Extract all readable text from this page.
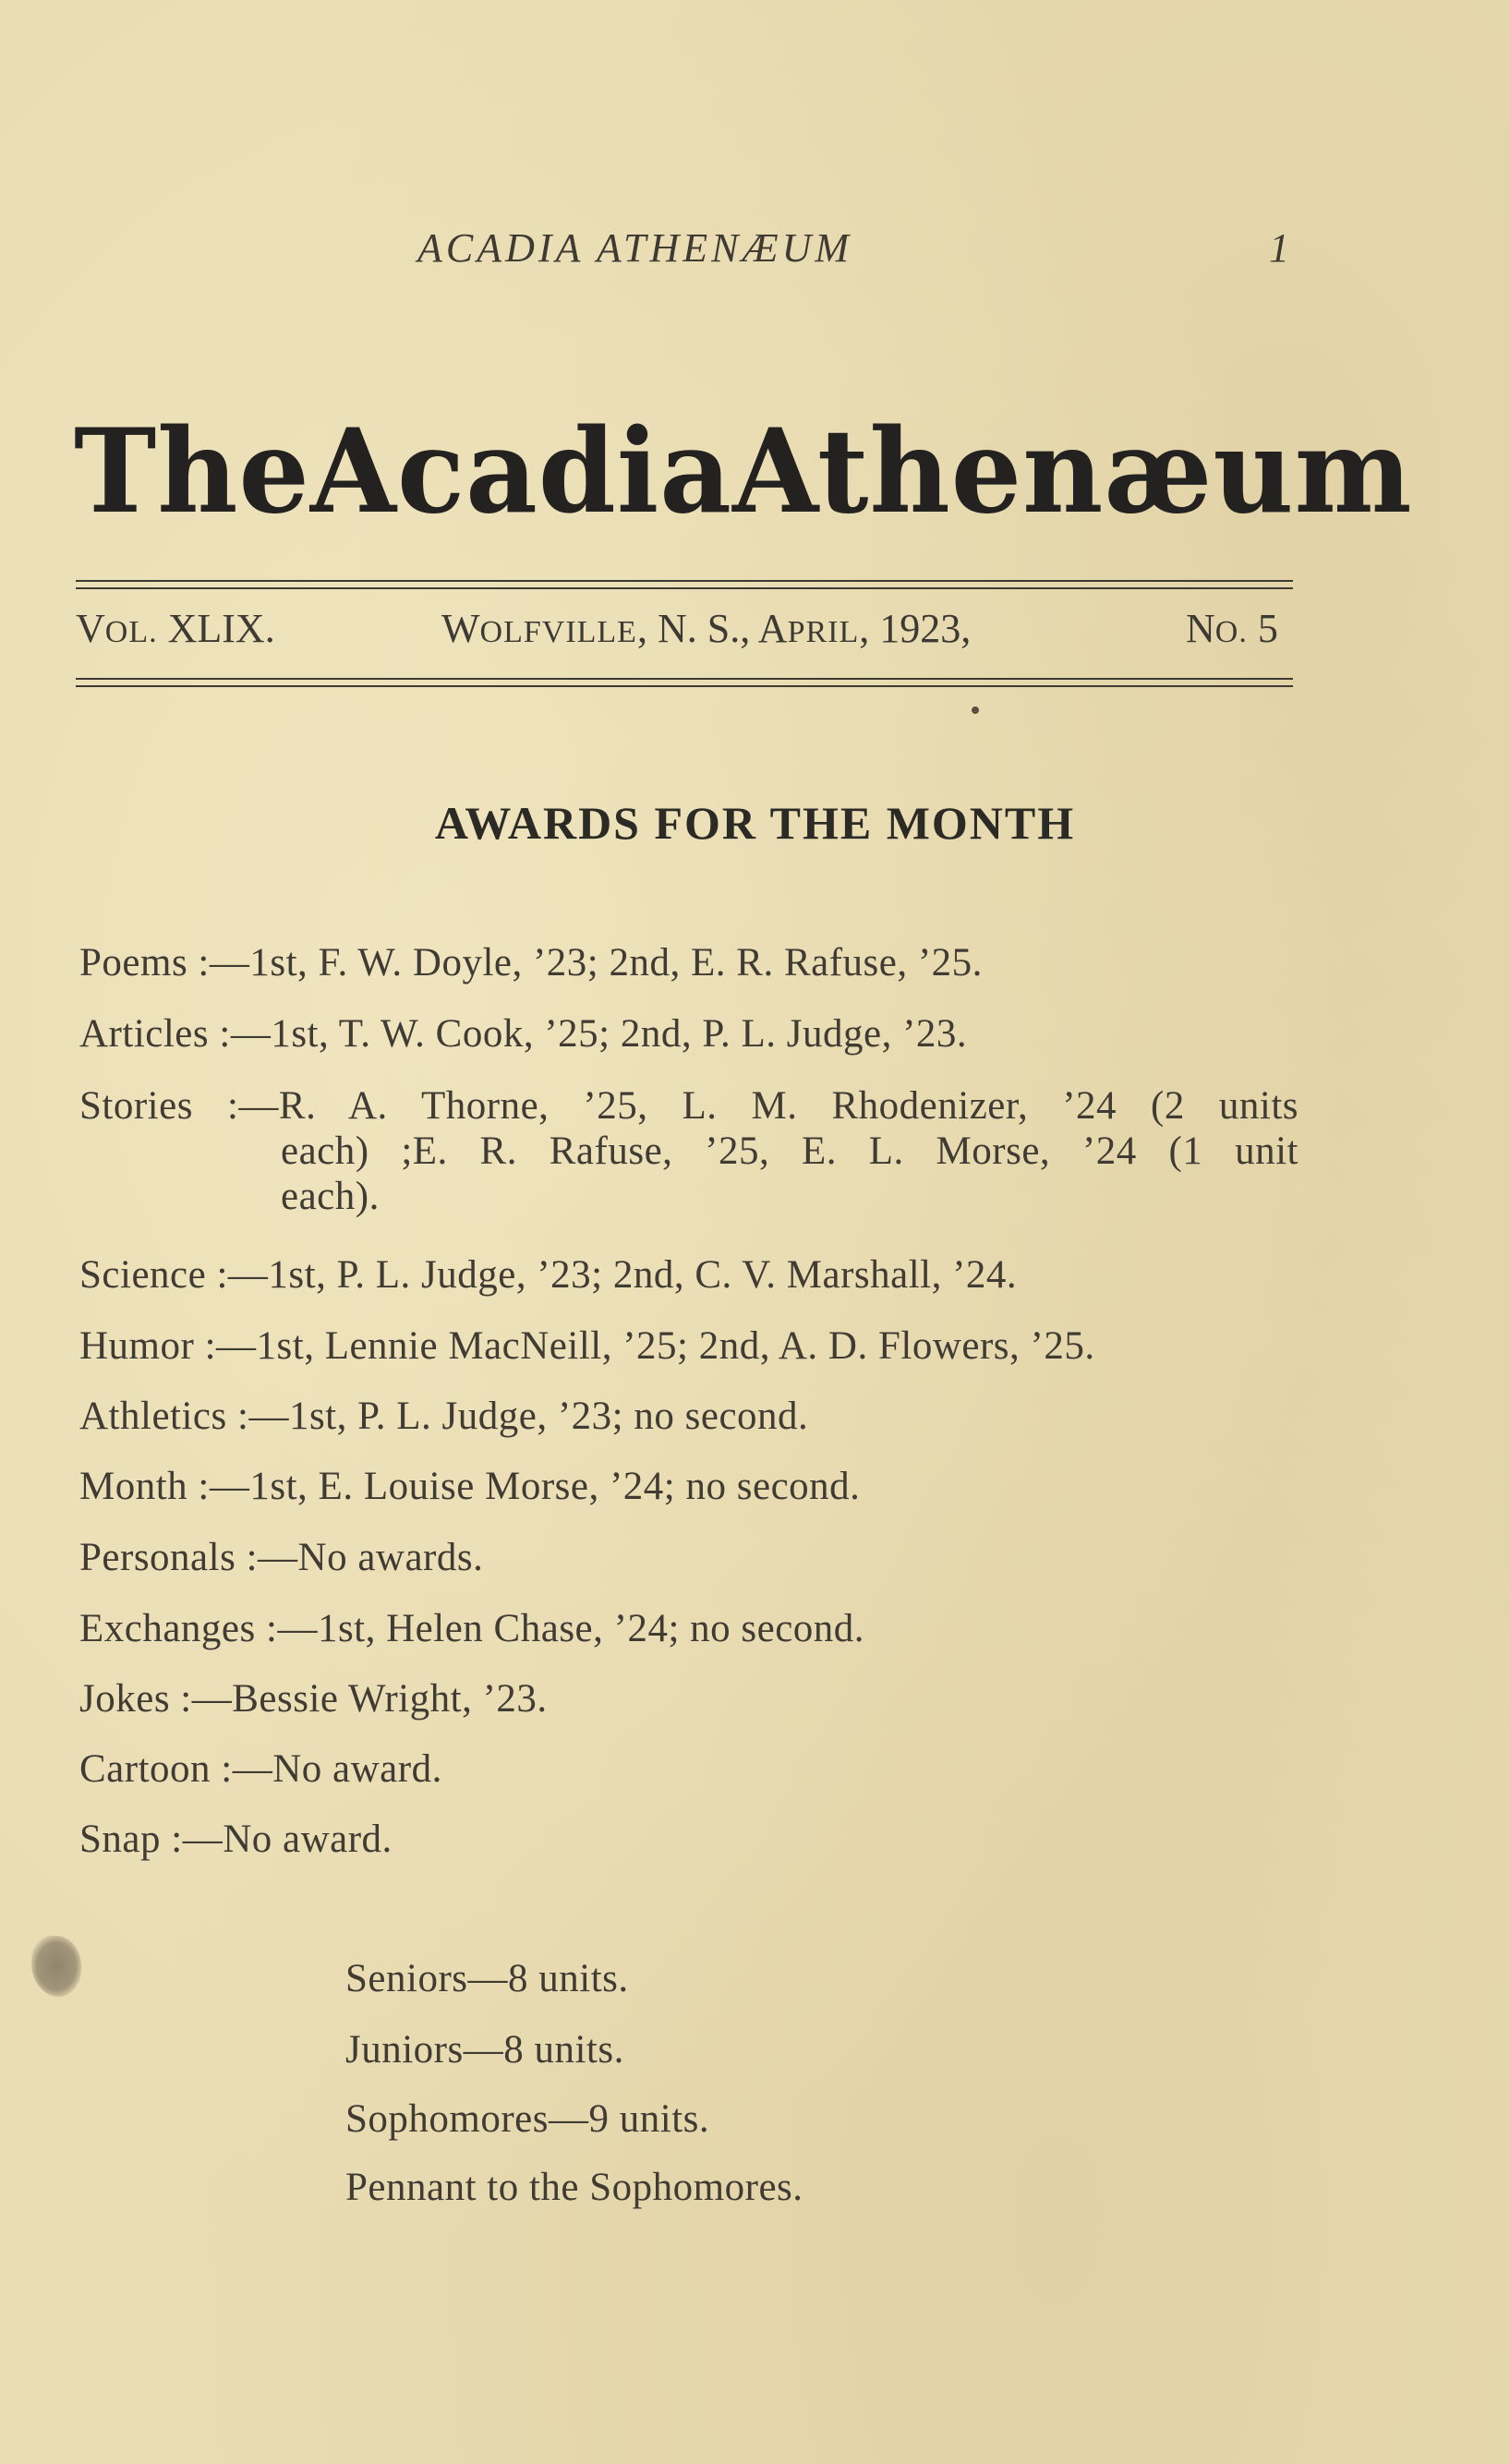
ACADIA ATHENÆUM	1
The Acadia Athenæum
VOL. XLIX.	WOLFVILLE, N. S., APRIL, 1923,	NO. 5
AWARDS FOR THE MONTH
Poems :—1st, F. W. Doyle, ’23; 2nd, E. R. Rafuse, ’25.
Articles :—1st, T. W. Cook, ’25; 2nd, P. L. Judge, ’23.
Stories :—R. A. Thorne, ’25, L. M. Rhodenizer, ’24 (2 units
each) ;E. R. Rafuse, ’25, E. L. Morse, ’24 (1 unit
each).
Science :—1st, P. L. Judge, ’23; 2nd, C. V. Marshall, ’24.
Humor :—1st, Lennie MacNeill, ’25; 2nd, A. D. Flowers, ’25.
Athletics :—1st, P. L. Judge, ’23; no second.
Month :—1st, E. Louise Morse, ’24; no second.
Personals :—No awards.
Exchanges :—1st, Helen Chase, ’24; no second.
Jokes :—Bessie Wright, ’23.
Cartoon :—No award.
Snap :—No award.
Seniors—8 units.
Juniors—8 units.
Sophomores—9 units.
Pennant to the Sophomores.
